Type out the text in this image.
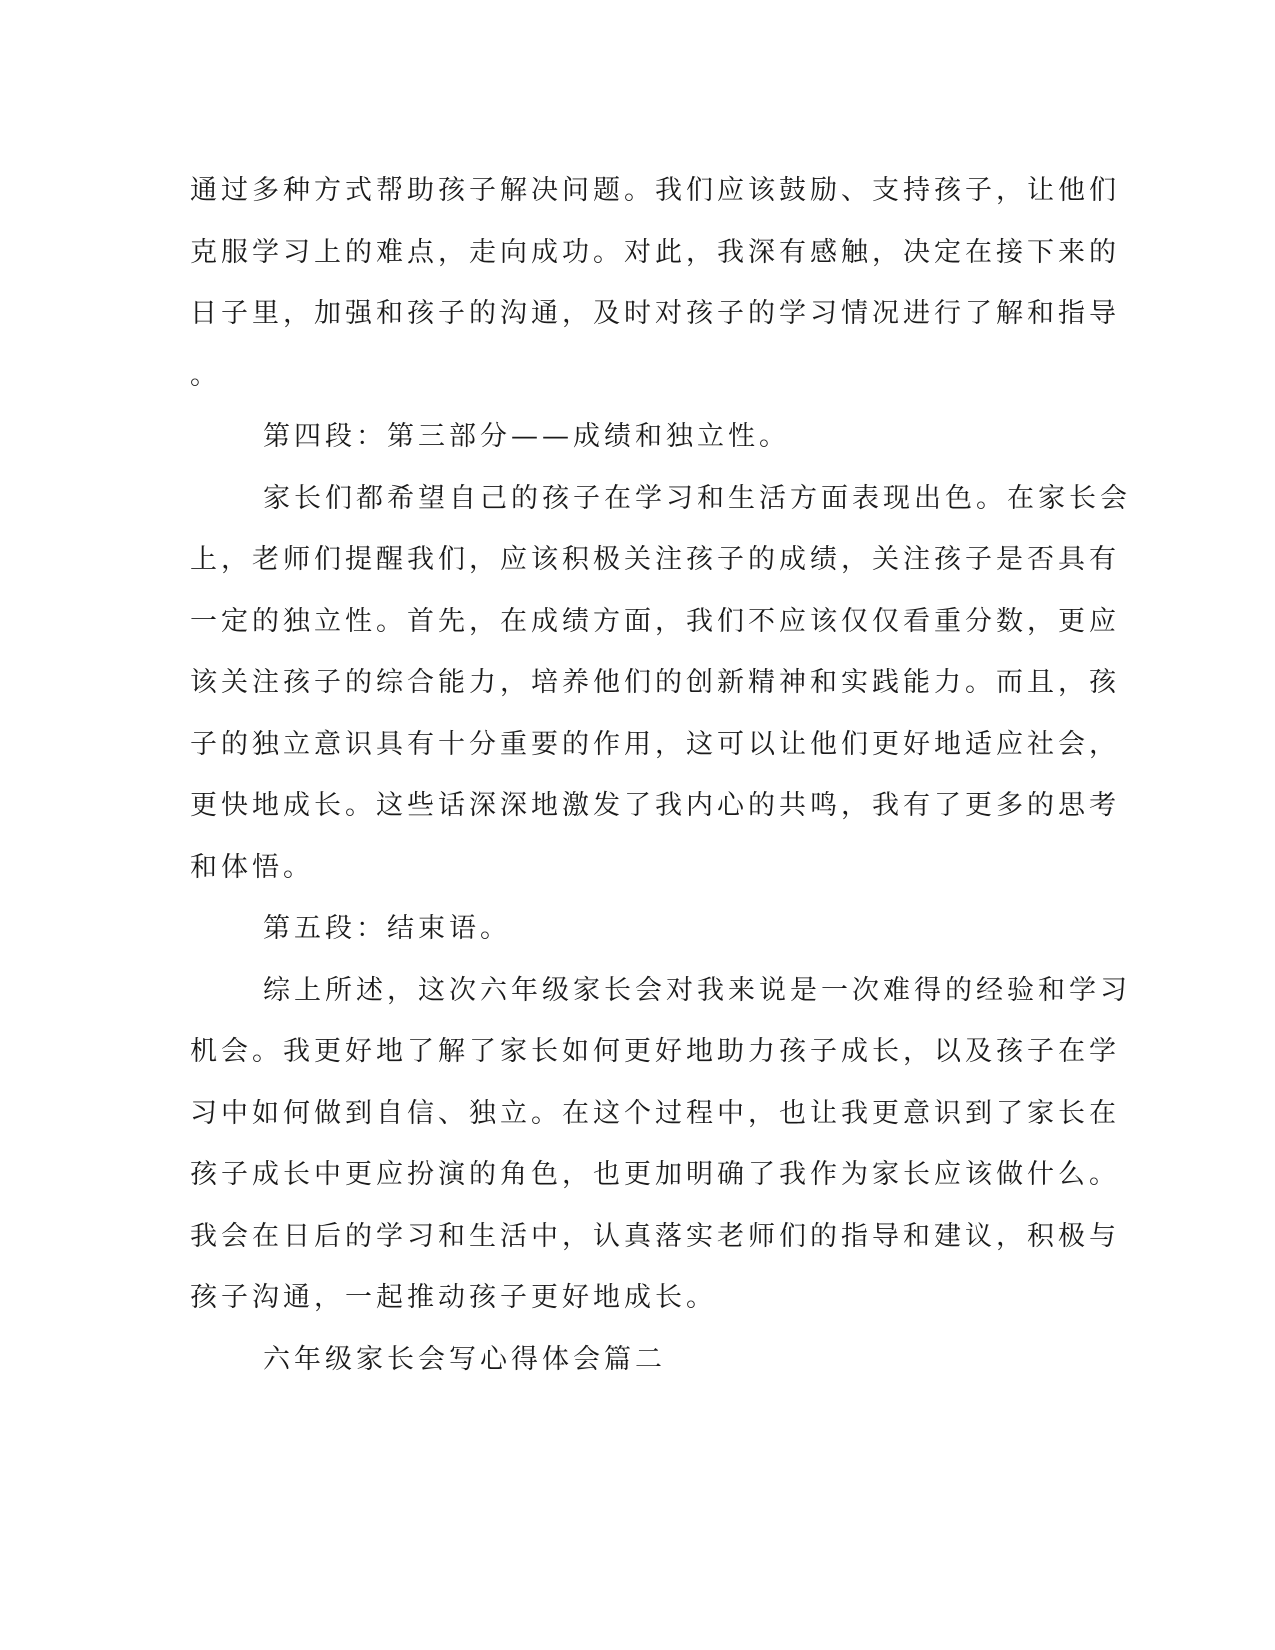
通过多种方式帮助孩子解决问题。我们应该鼓励、支持孩子，让他们
克服学习上的难点，走向成功。对此，我深有感触，决定在接下来的
日子里，加强和孩子的沟通，及时对孩子的学习情况进行了解和指导
。
第四段：第三部分——成绩和独立性。
家长们都希望自己的孩子在学习和生活方面表现出色。在家长会
上，老师们提醒我们，应该积极关注孩子的成绩，关注孩子是否具有
一定的独立性。首先，在成绩方面，我们不应该仅仅看重分数，更应
该关注孩子的综合能力，培养他们的创新精神和实践能力。而且，孩
子的独立意识具有十分重要的作用，这可以让他们更好地适应社会，
更快地成长。这些话深深地激发了我内心的共鸣，我有了更多的思考
和体悟。
第五段：结束语。
综上所述，这次六年级家长会对我来说是一次难得的经验和学习
机会。我更好地了解了家长如何更好地助力孩子成长，以及孩子在学
习中如何做到自信、独立。在这个过程中，也让我更意识到了家长在
孩子成长中更应扮演的角色，也更加明确了我作为家长应该做什么。
我会在日后的学习和生活中，认真落实老师们的指导和建议，积极与
孩子沟通，一起推动孩子更好地成长。
六年级家长会写心得体会篇二
